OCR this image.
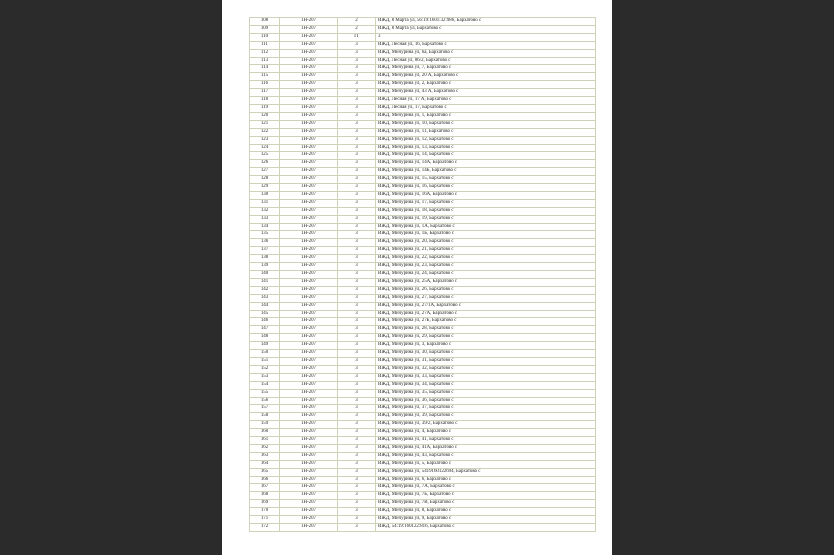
108	1Н-207	2	ИЖД, 8 Марта ул, 56:19:1601:32:986, Бархатово с
109	1Н-207	2	ИЖД, 8 Марта ул, Бархатово с
110	1Н-207	1Т	3
111	1Н-207	3	ИЖД, Лесная ул, 16, Бархатово с
112	1Н-207	3	ИЖД, Мичурина ул, 6а, Бархатово с
113	1Н-207	3	ИЖД, Лесная ул, 86/2, Бархатово с
114	1Н-207	3	ИЖД, Мичурина ул, 7, Бархатово с
115	1Н-207	3	ИЖД, Мичурина ул, 20 А, Бархатово с
116	1Н-207	3	ИЖД, Мичурина ул, 2, Бархатово с
117	1Н-207	3	ИЖД, Мичурина ул, 43 А, Бархатово с
118	1Н-207	3	ИЖД, Лесная ул, 17 А, Бархатово с
119	1Н-207	3	ИЖД, Лесная ул, 17, Бархатово с
120	1Н-207	3	ИЖД, Мичурина ул, 1, Бархатово с
121	1Н-207	3	ИЖД, Мичурина ул, 10, Бархатово с
122	1Н-207	3	ИЖД, Мичурина ул, 11, Бархатово с
123	1Н-207	3	ИЖД, Мичурина ул, 12, Бархатово с
124	1Н-207	3	ИЖД, Мичурина ул, 13, Бархатово с
125	1Н-207	3	ИЖД, Мичурина ул, 14, Бархатово с
126	1Н-207	3	ИЖД, Мичурина ул, 14А, Бархатово с
127	1Н-207	3	ИЖД, Мичурина ул, 14Б, Бархатово с
128	1Н-207	3	ИЖД, Мичурина ул, 15, Бархатово с
129	1Н-207	3	ИЖД, Мичурина ул, 16, Бархатово с
130	1Н-207	3	ИЖД, Мичурина ул, 16А, Бархатово с
131	1Н-207	3	ИЖД, Мичурина ул, 17, Бархатово с
132	1Н-207	3	ИЖД, Мичурина ул, 18, Бархатово с
133	1Н-207	3	ИЖД, Мичурина ул, 19, Бархатово с
134	1Н-207	3	ИЖД, Мичурина ул, 1А, Бархатово с
135	1Н-207	3	ИЖД, Мичурина ул, 1Б, Бархатово с
136	1Н-207	3	ИЖД, Мичурина ул, 20, Бархатово с
137	1Н-207	3	ИЖД, Мичурина ул, 21, Бархатово с
138	1Н-207	3	ИЖД, Мичурина ул, 22, Бархатово с
139	1Н-207	3	ИЖД, Мичурина ул, 23, Бархатово с
140	1Н-207	3	ИЖД, Мичурина ул, 24, Бархатово с
141	1Н-207	3	ИЖД, Мичурина ул, 25А, Бархатово с
142	1Н-207	3	ИЖД, Мичурина ул, 26, Бархатово с
143	1Н-207	3	ИЖД, Мичурина ул, 27, Бархатово с
144	1Н-207	3	ИЖД, Мичурина ул, 27/1А, Бархатово с
145	1Н-207	3	ИЖД, Мичурина ул, 27А, Бархатово с
146	1Н-207	3	ИЖД, Мичурина ул, 27Б, Бархатово с
147	1Н-207	3	ИЖД, Мичурина ул, 28, Бархатово с
148	1Н-207	3	ИЖД, Мичурина ул, 29, Бархатово с
149	1Н-207	3	ИЖД, Мичурина ул, 3, Бархатово с
150	1Н-207	3	ИЖД, Мичурина ул, 30, Бархатово с
151	1Н-207	3	ИЖД, Мичурина ул, 31, Бархатово с
152	1Н-207	3	ИЖД, Мичурина ул, 32, Бархатово с
153	1Н-207	3	ИЖД, Мичурина ул, 33, Бархатово с
154	1Н-207	3	ИЖД, Мичурина ул, 34, Бархатово с
155	1Н-207	3	ИЖД, Мичурина ул, 35, Бархатово с
156	1Н-207	3	ИЖД, Мичурина ул, 36, Бархатово с
157	1Н-207	3	ИЖД, Мичурина ул, 37, Бархатово с
158	1Н-207	3	ИЖД, Мичурина ул, 39, Бархатово с
159	1Н-207	3	ИЖД, Мичурина ул, 39/2, Бархатово с
160	1Н-207	3	ИЖД, Мичурина ул, 4, Бархатово с
161	1Н-207	3	ИЖД, Мичурина ул, 41, Бархатово с
162	1Н-207	3	ИЖД, Мичурина ул, 41А, Бархатово с
163	1Н-207	3	ИЖД, Мичурина ул, 43, Бархатово с
164	1Н-207	3	ИЖД, Мичурина ул, 5, Бархатово с
165	1Н-207	3	ИЖД, Мичурина ул, 5419160122694, Бархатово с
166	1Н-207	3	ИЖД, Мичурина ул, 6, Бархатово с
167	1Н-207	3	ИЖД, Мичурина ул, 7А, Бархатово с
168	1Н-207	3	ИЖД, Мичурина ул, 7Б, Бархатово с
169	1Н-207	3	ИЖД, Мичурина ул, 7В, Бархатово с
170	1Н-207	3	ИЖД, Мичурина ул, 8, Бархатово с
171	1Н-207	3	ИЖД, Мичурина ул, 9, Бархатово с
172	1Н-207	3	ИЖД, 54:19:160122:816, Бархатово с
